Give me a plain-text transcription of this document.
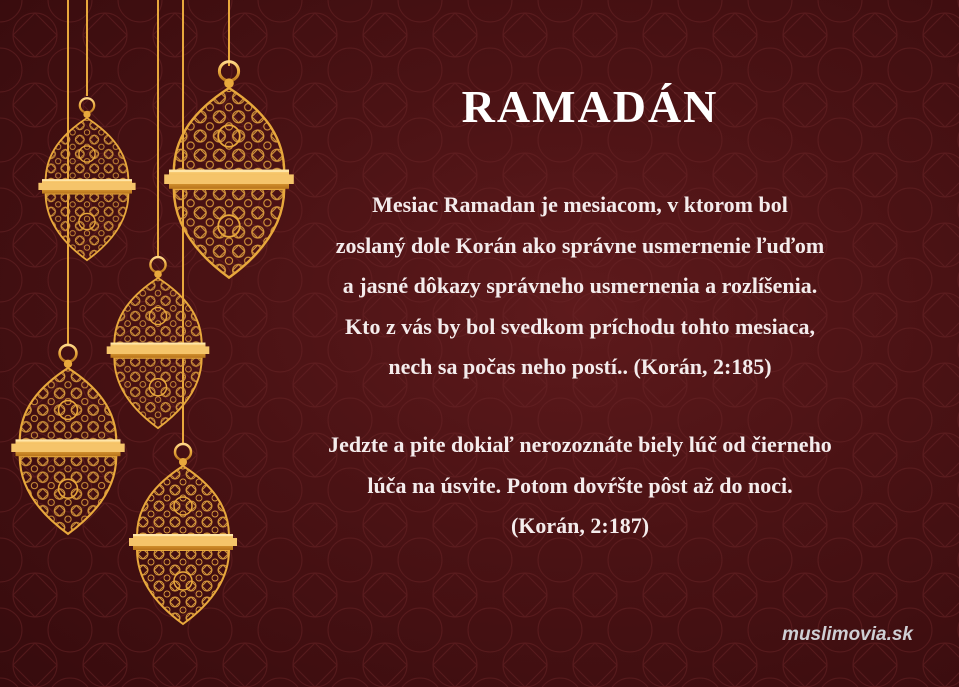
RAMADÁN

Mesiac Ramadan je mesiacom, v ktorom bol
zoslaný dole Korán ako správne usmernenie ľuďom
a jasné dôkazy správneho usmernenia a rozlíšenia.
Kto z vás by bol svedkom príchodu tohto mesiaca,
nech sa počas neho postí.. (Korán, 2:185)

Jedzte a pite dokiaľ nerozoznáte biely lúč od čierneho
lúča na úsvite. Potom dovŕšte pôst až do noci.
(Korán, 2:187)

muslimovia.sk
